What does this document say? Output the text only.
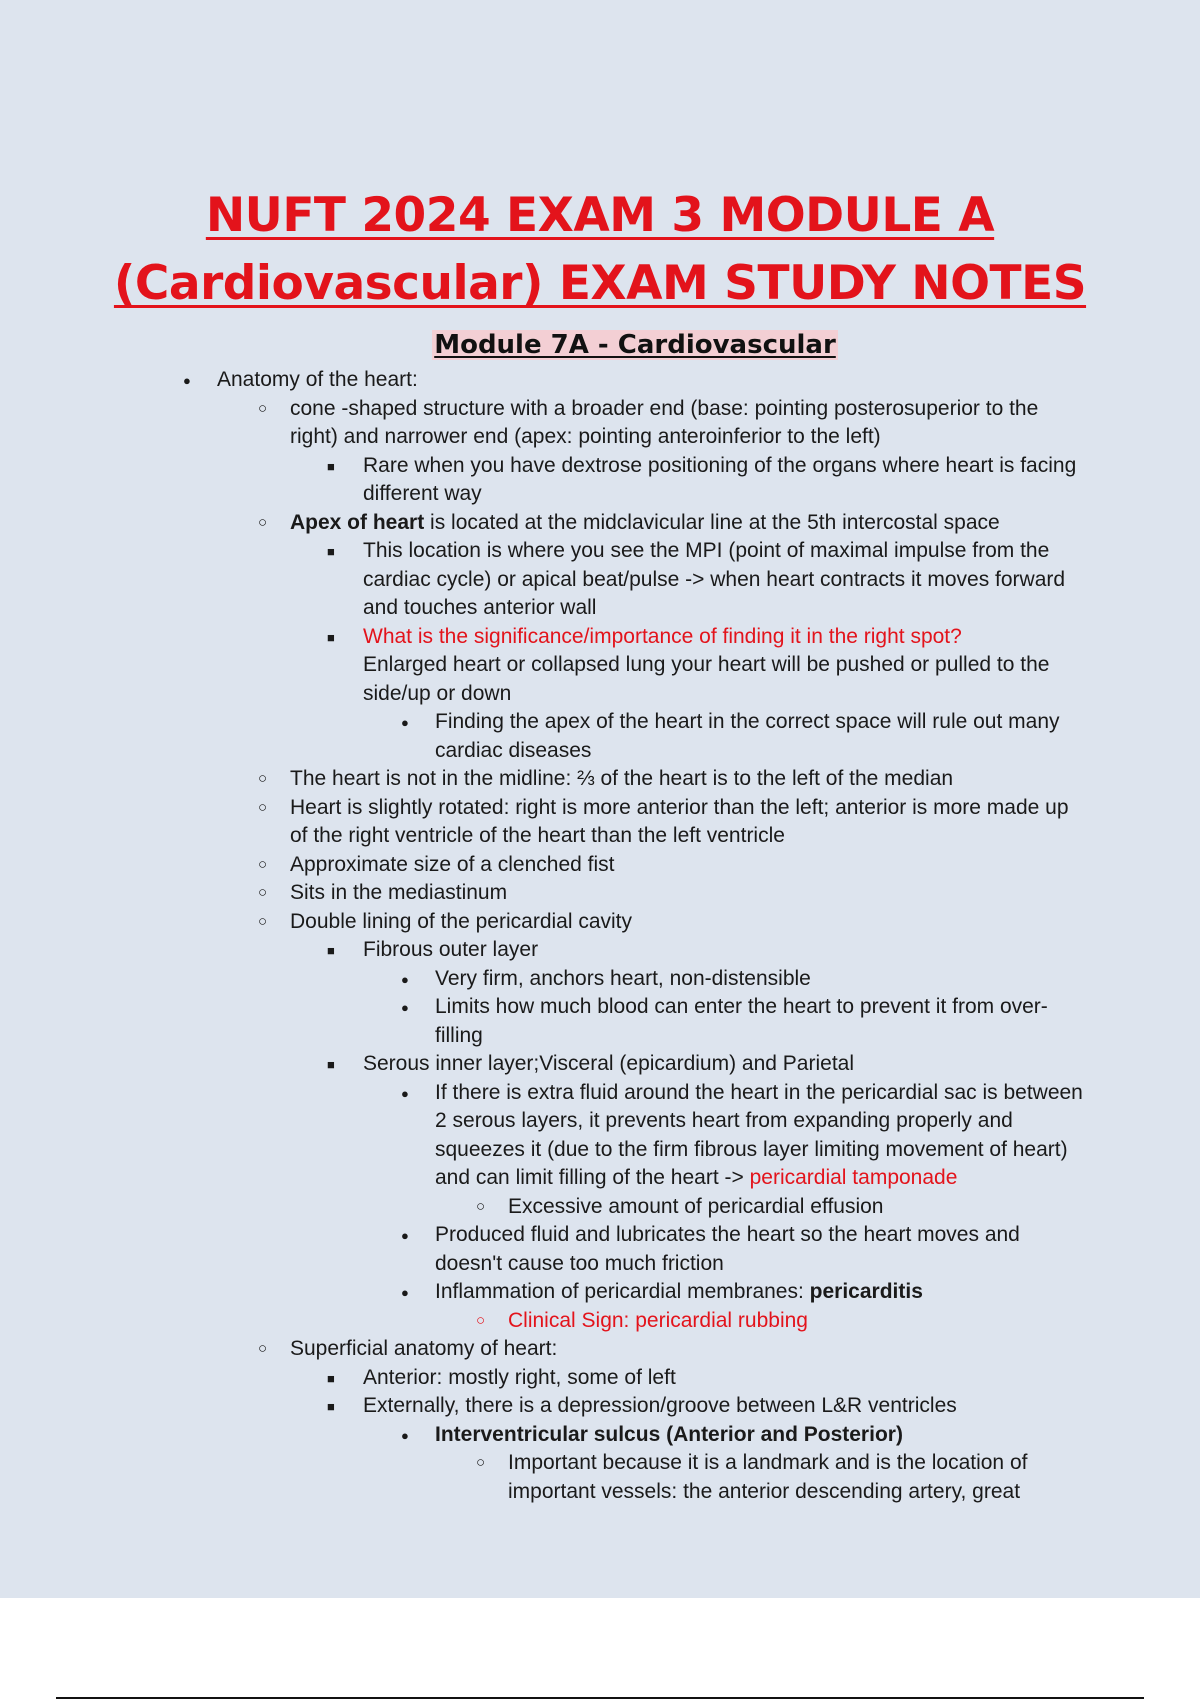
NUFT 2024 EXAM 3 MODULE A
(Cardiovascular) EXAM STUDY NOTES
Module 7A - Cardiovascular

● Anatomy of the heart:

○ cone -shaped structure with a broader end (base: pointing posterosuperior to the right) and narrower end (apex: pointing anteroinferior to the left)

■ Rare when you have dextrose positioning of the organs where heart is facing different way

○ Apex of heart is located at the midclavicular line at the 5th intercostal space

■ This location is where you see the MPI (point of maximal impulse from the cardiac cycle) or apical beat/pulse -> when heart contracts it moves forward and touches anterior wall

■ What is the significance/importance of finding it in the right spot?
Enlarged heart or collapsed lung your heart will be pushed or pulled to the side/up or down

● Finding the apex of the heart in the correct space will rule out many cardiac diseases

○ The heart is not in the midline: ⅔ of the heart is to the left of the median

○ Heart is slightly rotated: right is more anterior than the left; anterior is more made up of the right ventricle of the heart than the left ventricle

○ Approximate size of a clenched fist

○ Sits in the mediastinum

○ Double lining of the pericardial cavity

■ Fibrous outer layer

● Very firm, anchors heart, non-distensible

● Limits how much blood can enter the heart to prevent it from over-filling

■ Serous inner layer;Visceral (epicardium) and Parietal

● If there is extra fluid around the heart in the pericardial sac is between 2 serous layers, it prevents heart from expanding properly and squeezes it (due to the firm fibrous layer limiting movement of heart) and can limit filling of the heart -> pericardial tamponade

○ Excessive amount of pericardial effusion

● Produced fluid and lubricates the heart so the heart moves and doesn't cause too much friction

● Inflammation of pericardial membranes: pericarditis

○ Clinical Sign: pericardial rubbing

○ Superficial anatomy of heart:

■ Anterior: mostly right, some of left

■ Externally, there is a depression/groove between L&R ventricles

● Interventricular sulcus (Anterior and Posterior)

○ Important because it is a landmark and is the location of important vessels: the anterior descending artery, great
